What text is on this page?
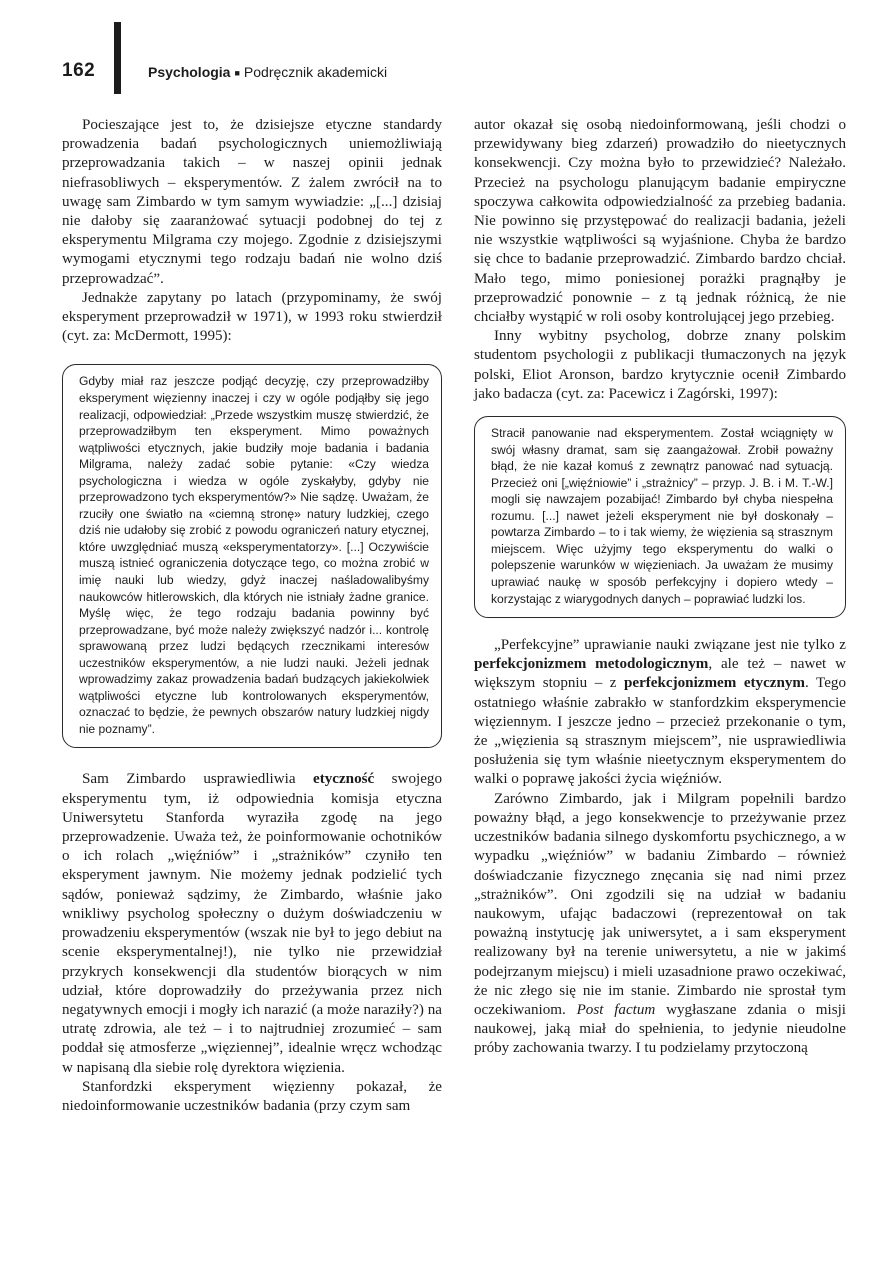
162	Psychologia ■ Podręcznik akademicki

Pocieszające jest to, że dzisiejsze etyczne standardy prowadzenia badań psychologicznych uniemożliwiają przeprowadzania takich – w naszej opinii jednak niefrasobliwych – eksperymentów. Z żalem zwrócił na to uwagę sam Zimbardo w tym samym wywiadzie: „[...] dzisiaj nie dałoby się zaaranżować sytuacji podobnej do tej z eksperymentu Milgrama czy mojego. Zgodnie z dzisiejszymi wymogami etycznymi tego rodzaju badań nie wolno dziś przeprowadzać”.

Jednakże zapytany po latach (przypominamy, że swój eksperyment przeprowadził w 1971), w 1993 roku stwierdził (cyt. za: McDermott, 1995):

Gdyby miał raz jeszcze podjąć decyzję, czy przeprowadziłby eksperyment więzienny inaczej i czy w ogóle podjąłby się jego realizacji, odpowiedział: „Przede wszystkim muszę stwierdzić, że przeprowadziłbym ten eksperyment. Mimo poważnych wątpliwości etycznych, jakie budziły moje badania i badania Milgrama, należy zadać sobie pytanie: «Czy wiedza psychologiczna i wiedza w ogóle zyskałyby, gdyby nie przeprowadzono tych eksperymentów?» Nie sądzę. Uważam, że rzuciły one światło na «ciemną stronę» natury ludzkiej, czego dziś nie udałoby się zrobić z powodu ograniczeń natury etycznej, które uwzględniać muszą «eksperymentatorzy». [...] Oczywiście muszą istnieć ograniczenia dotyczące tego, co można zrobić w imię nauki lub wiedzy, gdyż inaczej naśladowalibyśmy naukowców hitlerowskich, dla których nie istniały żadne granice. Myślę więc, że tego rodzaju badania powinny być przeprowadzane, być może należy zwiększyć nadzór i... kontrolę sprawowaną przez ludzi będących rzecznikami interesów uczestników eksperymentów, a nie ludzi nauki. Jeżeli jednak wprowadzimy zakaz prowadzenia badań budzących jakiekolwiek wątpliwości etyczne lub kontrolowanych eksperymentów, oznaczać to będzie, że pewnych obszarów natury ludzkiej nigdy nie poznamy”.

Sam Zimbardo usprawiedliwia etyczność swojego eksperymentu tym, iż odpowiednia komisja etyczna Uniwersytetu Stanforda wyraziła zgodę na jego przeprowadzenie. Uważa też, że poinformowanie ochotników o ich rolach „więźniów” i „strażników” czyniło ten eksperyment jawnym. Nie możemy jednak podzielić tych sądów, ponieważ sądzimy, że Zimbardo, właśnie jako wnikliwy psycholog społeczny o dużym doświadczeniu w prowadzeniu eksperymentów (wszak nie był to jego debiut na scenie eksperymentalnej!), nie tylko nie przewidział przykrych konsekwencji dla studentów biorących w nim udział, które doprowadziły do przeżywania przez nich negatywnych emocji i mogły ich narazić (a może naraziły?) na utratę zdrowia, ale też – i to najtrudniej zrozumieć – sam poddał się atmosferze „więziennej”, idealnie wręcz wchodząc w napisaną dla siebie rolę dyrektora więzienia.

Stanfordzki eksperyment więzienny pokazał, że niedoinformowanie uczestników badania (przy czym sam

autor okazał się osobą niedoinformowaną, jeśli chodzi o przewidywany bieg zdarzeń) prowadziło do nieetycznych konsekwencji. Czy można było to przewidzieć? Należało. Przecież na psychologu planującym badanie empiryczne spoczywa całkowita odpowiedzialność za przebieg badania. Nie powinno się przystępować do realizacji badania, jeżeli nie wszystkie wątpliwości są wyjaśnione. Chyba że bardzo się chce to badanie przeprowadzić. Zimbardo bardzo chciał. Mało tego, mimo poniesionej porażki pragnąłby je przeprowadzić ponownie – z tą jednak różnicą, że nie chciałby wystąpić w roli osoby kontrolującej jego przebieg.

Inny wybitny psycholog, dobrze znany polskim studentom psychologii z publikacji tłumaczonych na język polski, Eliot Aronson, bardzo krytycznie ocenił Zimbardo jako badacza (cyt. za: Pacewicz i Zagórski, 1997):

Stracił panowanie nad eksperymentem. Został wciągnięty w swój własny dramat, sam się zaangażował. Zrobił poważny błąd, że nie kazał komuś z zewnątrz panować nad sytuacją. Przecież oni [„więźniowie” i „strażnicy” – przyp. J. B. i M. T.-W.] mogli się nawzajem pozabijać! Zimbardo był chyba niespełna rozumu. [...] nawet jeżeli eksperyment nie był doskonały – powtarza Zimbardo – to i tak wiemy, że więzienia są strasznym miejscem. Więc użyjmy tego eksperymentu do walki o polepszenie warunków w więzieniach. Ja uważam że musimy uprawiać naukę w sposób perfekcyjny i dopiero wtedy – korzystając z wiarygodnych danych – poprawiać ludzki los.

„Perfekcyjne” uprawianie nauki związane jest nie tylko z perfekcjonizmem metodologicznym, ale też – nawet w większym stopniu – z perfekcjonizmem etycznym. Tego ostatniego właśnie zabrakło w stanfordzkim eksperymencie więziennym. I jeszcze jedno – przecież przekonanie o tym, że „więzienia są strasznym miejscem”, nie usprawiedliwia posłużenia się tym właśnie nieetycznym eksperymentem do walki o poprawę jakości życia więźniów.

Zarówno Zimbardo, jak i Milgram popełnili bardzo poważny błąd, a jego konsekwencje to przeżywanie przez uczestników badania silnego dyskomfortu psychicznego, a w wypadku „więźniów” w badaniu Zimbardo – również doświadczanie fizycznego znęcania się nad nimi przez „strażników”. Oni zgodzili się na udział w badaniu naukowym, ufając badaczowi (reprezentował on tak poważną instytucję jak uniwersytet, a i sam eksperyment realizowany był na terenie uniwersytetu, a nie w jakimś podejrzanym miejscu) i mieli uzasadnione prawo oczekiwać, że nic złego się nie im stanie. Zimbardo nie sprostał tym oczekiwaniom. Post factum wygłaszane zdania o misji naukowej, jaką miał do spełnienia, to jedynie nieudolne próby zachowania twarzy. I tu podzielamy przytoczoną
